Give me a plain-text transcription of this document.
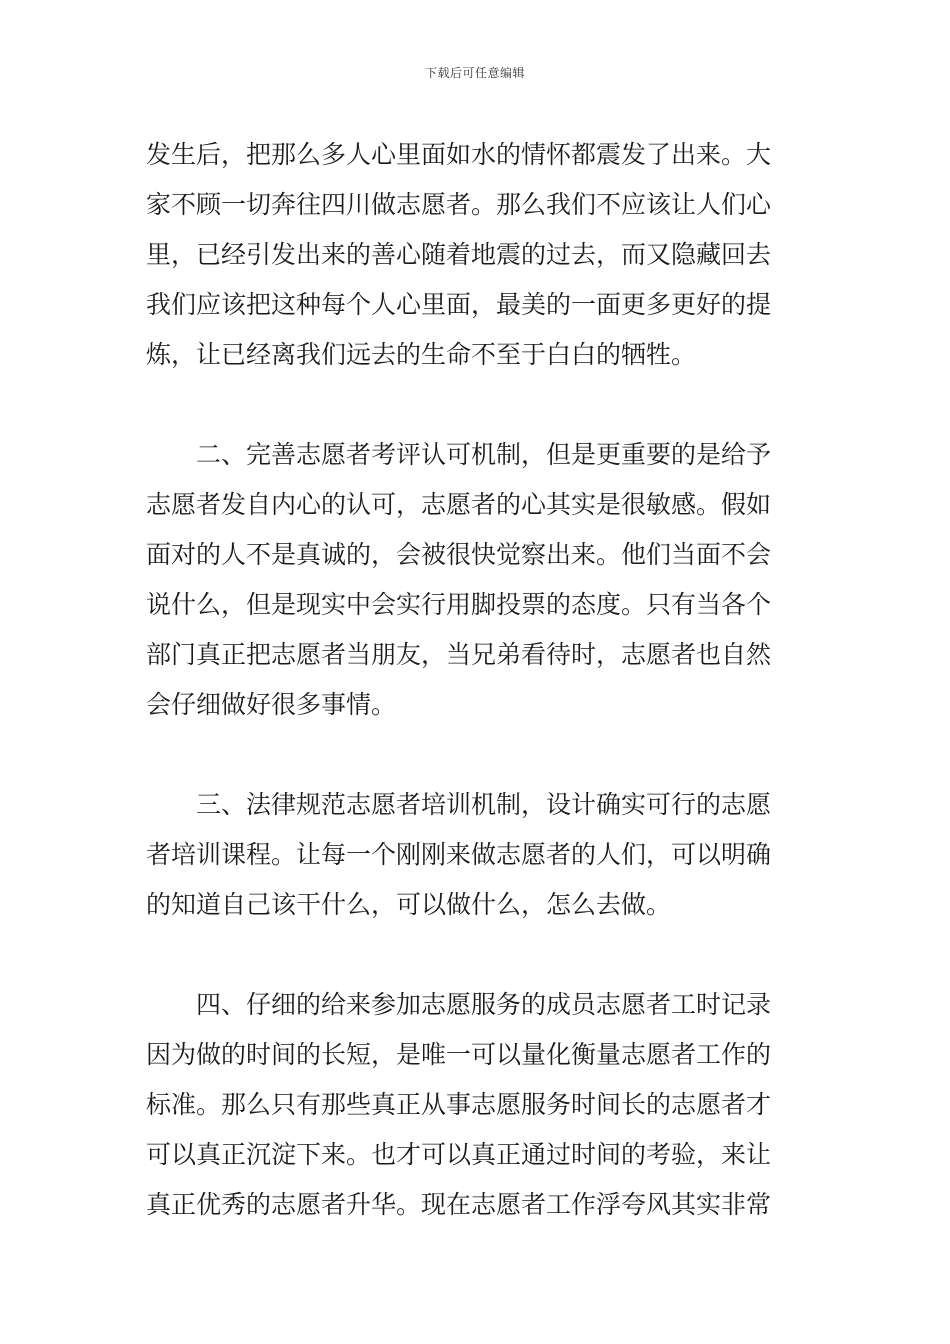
下载后可任意编辑
发生后，把那么多人心里面如水的情怀都震发了出来。大
家不顾一切奔往四川做志愿者。那么我们不应该让人们心
里，已经引发出来的善心随着地震的过去，而又隐藏回去
我们应该把这种每个人心里面，最美的一面更多更好的提
炼，让已经离我们远去的生命不至于白白的牺牲。
二、完善志愿者考评认可机制，但是更重要的是给予
志愿者发自内心的认可，志愿者的心其实是很敏感。假如
面对的人不是真诚的，会被很快觉察出来。他们当面不会
说什么，但是现实中会实行用脚投票的态度。只有当各个
部门真正把志愿者当朋友，当兄弟看待时，志愿者也自然
会仔细做好很多事情。
三、法律规范志愿者培训机制，设计确实可行的志愿
者培训课程。让每一个刚刚来做志愿者的人们，可以明确
的知道自己该干什么，可以做什么，怎么去做。
四、仔细的给来参加志愿服务的成员志愿者工时记录
因为做的时间的长短，是唯一可以量化衡量志愿者工作的
标准。那么只有那些真正从事志愿服务时间长的志愿者才
可以真正沉淀下来。也才可以真正通过时间的考验，来让
真正优秀的志愿者升华。现在志愿者工作浮夸风其实非常
